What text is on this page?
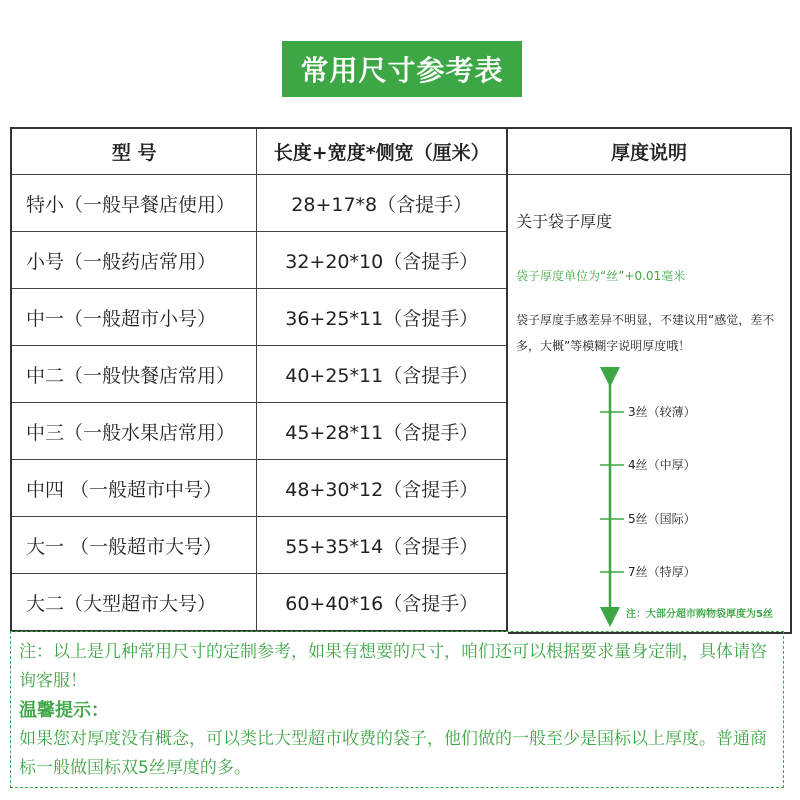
常用尺寸参考表
型 号	长度+宽度*侧宽（厘米）
特小（一般早餐店使用）	28+17*8（含提手）
小号（一般药店常用）	32+20*10（含提手）
中一（一般超市小号）	36+25*11（含提手）
中二（一般快餐店常用）	40+25*11（含提手）
中三（一般水果店常用）	45+28*11（含提手）
中四 （一般超市中号）	48+30*12（含提手）
大一 （一般超市大号）	55+35*14（含提手）
大二（大型超市大号）	60+40*16（含提手）
厚度说明
关于袋子厚度
袋子厚度单位为“丝”+0.01毫米
袋子厚度手感差异不明显，不建议用“感觉，差不多，大概”等模糊字说明厚度哦！
3丝（较薄）
4丝（中厚）
5丝（国际）
7丝（特厚）
注：大部分超市购物袋厚度为5丝
注：以上是几种常用尺寸的定制参考，如果有想要的尺寸，咱们还可以根据要求量身定制，具体请咨询客服！
温馨提示：
如果您对厚度没有概念，可以类比大型超市收费的袋子，他们做的一般至少是国标以上厚度。普通商标一般做国标双5丝厚度的多。
